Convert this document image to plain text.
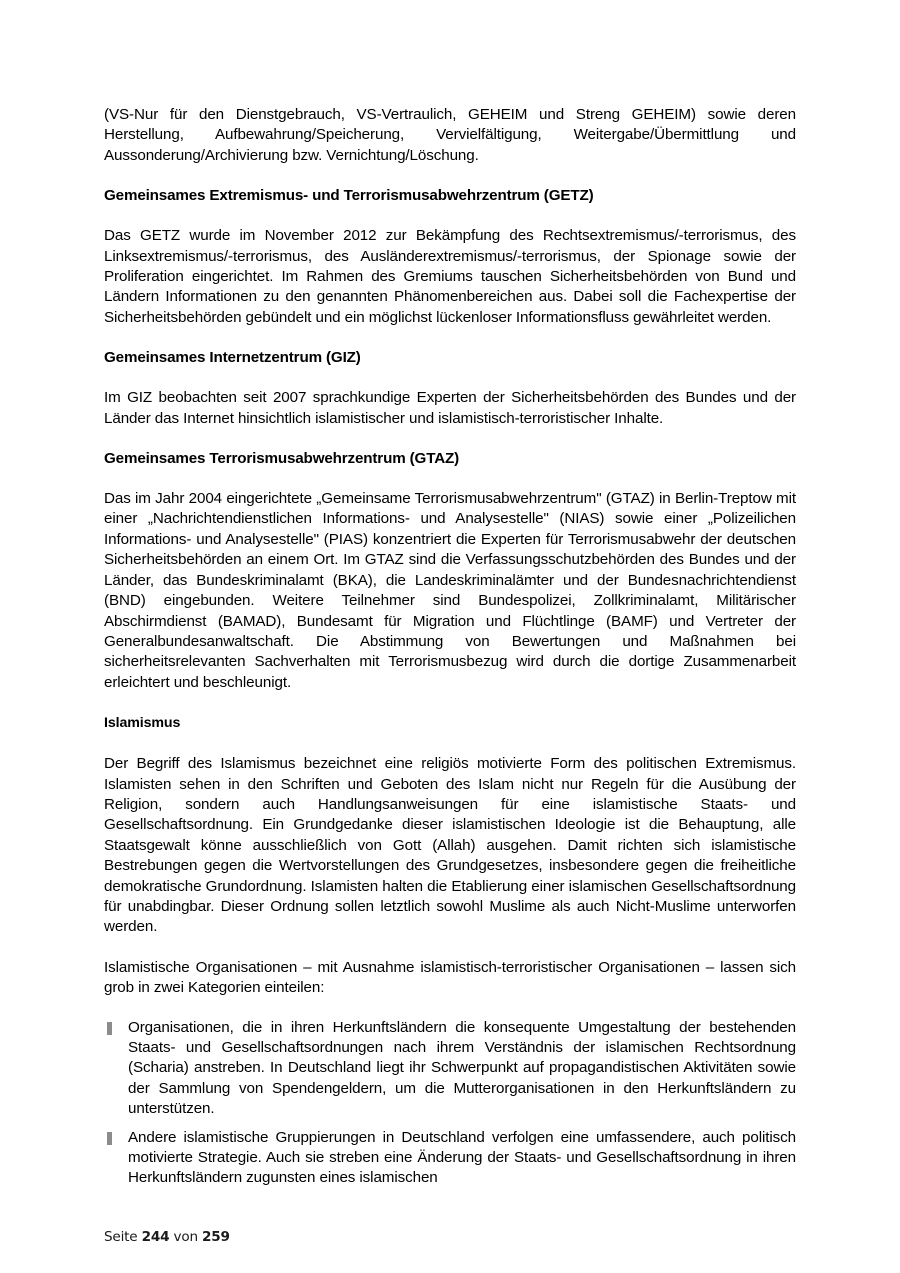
(VS-Nur für den Dienstgebrauch, VS-Vertraulich, GEHEIM und Streng GEHEIM) sowie deren Herstellung, Aufbewahrung/Speicherung, Vervielfältigung, Weitergabe/Übermittlung und Aussonderung/Archivierung bzw. Vernichtung/Löschung.

Gemeinsames Extremismus- und Terrorismusabwehrzentrum (GETZ)

Das GETZ wurde im November 2012 zur Bekämpfung des Rechtsextremismus/-terrorismus, des Linksextremismus/-terrorismus, des Ausländerextremismus/-terrorismus, der Spionage sowie der Proliferation eingerichtet. Im Rahmen des Gremiums tauschen Sicherheitsbehörden von Bund und Ländern Informationen zu den genannten Phänomenbereichen aus. Dabei soll die Fachexpertise der Sicherheitsbehörden gebündelt und ein möglichst lückenloser Informationsfluss gewährleitet werden.

Gemeinsames Internetzentrum (GIZ)

Im GIZ beobachten seit 2007 sprachkundige Experten der Sicherheitsbehörden des Bundes und der Länder das Internet hinsichtlich islamistischer und islamistisch-terroristischer Inhalte.

Gemeinsames Terrorismusabwehrzentrum (GTAZ)

Das im Jahr 2004 eingerichtete „Gemeinsame Terrorismusabwehrzentrum" (GTAZ) in Berlin-Treptow mit einer „Nachrichtendienstlichen Informations- und Analysestelle" (NIAS) sowie einer „Polizeilichen Informations- und Analysestelle" (PIAS) konzentriert die Experten für Terrorismusabwehr der deutschen Sicherheitsbehörden an einem Ort. Im GTAZ sind die Verfassungsschutzbehörden des Bundes und der Länder, das Bundeskriminalamt (BKA), die Landeskriminalämter und der Bundesnachrichtendienst (BND) eingebunden. Weitere Teilnehmer sind Bundespolizei, Zollkriminalamt, Militärischer Abschirmdienst (BAMAD), Bundesamt für Migration und Flüchtlinge (BAMF) und Vertreter der Generalbundesanwaltschaft. Die Abstimmung von Bewertungen und Maßnahmen bei sicherheitsrelevanten Sachverhalten mit Terrorismusbezug wird durch die dortige Zusammenarbeit erleichtert und beschleunigt.

Islamismus

Der Begriff des Islamismus bezeichnet eine religiös motivierte Form des politischen Extremismus. Islamisten sehen in den Schriften und Geboten des Islam nicht nur Regeln für die Ausübung der Religion, sondern auch Handlungsanweisungen für eine islamistische Staats- und Gesellschaftsordnung. Ein Grundgedanke dieser islamistischen Ideologie ist die Behauptung, alle Staatsgewalt könne ausschließlich von Gott (Allah) ausgehen. Damit richten sich islamistische Bestrebungen gegen die Wertvorstellungen des Grundgesetzes, insbesondere gegen die freiheitliche demokratische Grundordnung. Islamisten halten die Etablierung einer islamischen Gesellschaftsordnung für unabdingbar. Dieser Ordnung sollen letztlich sowohl Muslime als auch Nicht-Muslime unterworfen werden.

Islamistische Organisationen – mit Ausnahme islamistisch-terroristischer Organisationen – lassen sich grob in zwei Kategorien einteilen:

Organisationen, die in ihren Herkunftsländern die konsequente Umgestaltung der bestehenden Staats- und Gesellschaftsordnungen nach ihrem Verständnis der islamischen Rechtsordnung (Scharia) anstreben. In Deutschland liegt ihr Schwerpunkt auf propagandistischen Aktivitäten sowie der Sammlung von Spendengeldern, um die Mutterorganisationen in den Herkunftsländern zu unterstützen.
Andere islamistische Gruppierungen in Deutschland verfolgen eine umfassendere, auch politisch motivierte Strategie. Auch sie streben eine Änderung der Staats- und Gesellschaftsordnung in ihren Herkunftsländern zugunsten eines islamischen
Seite 244 von 259
